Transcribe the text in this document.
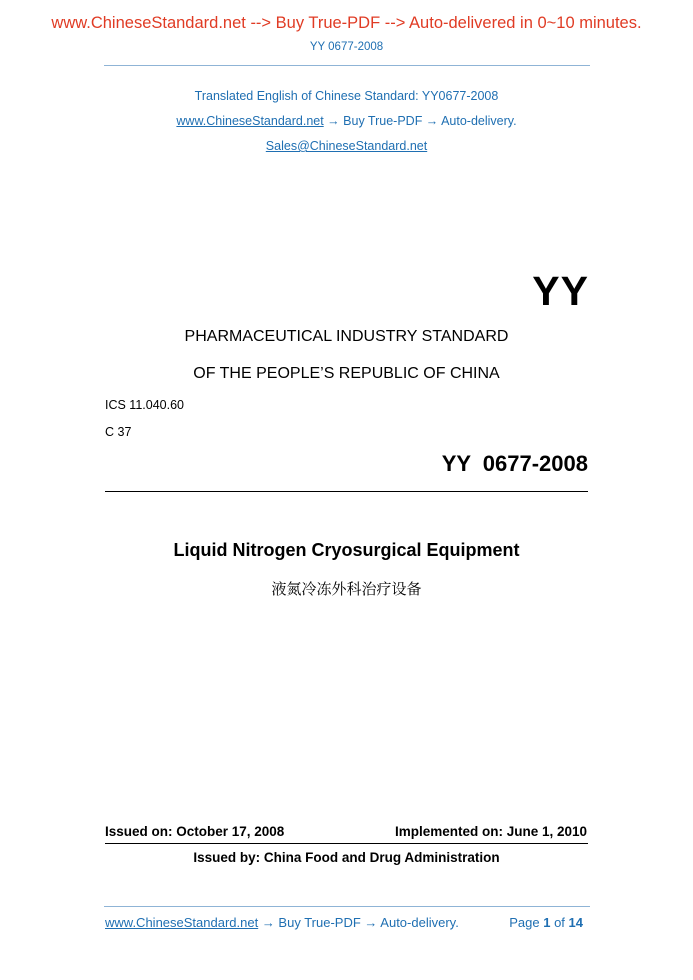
www.ChineseStandard.net --> Buy True-PDF --> Auto-delivered in 0~10 minutes.
YY 0677-2008
Translated English of Chinese Standard: YY0677-2008
www.ChineseStandard.net → Buy True-PDF → Auto-delivery.
Sales@ChineseStandard.net
YY
PHARMACEUTICAL INDUSTRY STANDARD
OF THE PEOPLE’S REPUBLIC OF CHINA
ICS 11.040.60
C 37
YY 0677-2008
Liquid Nitrogen Cryosurgical Equipment
液氮冷冻外科治疗设备
Issued on: October 17, 2008	Implemented on: June 1, 2010
Issued by: China Food and Drug Administration
www.ChineseStandard.net → Buy True-PDF → Auto-delivery.	Page 1 of 14
